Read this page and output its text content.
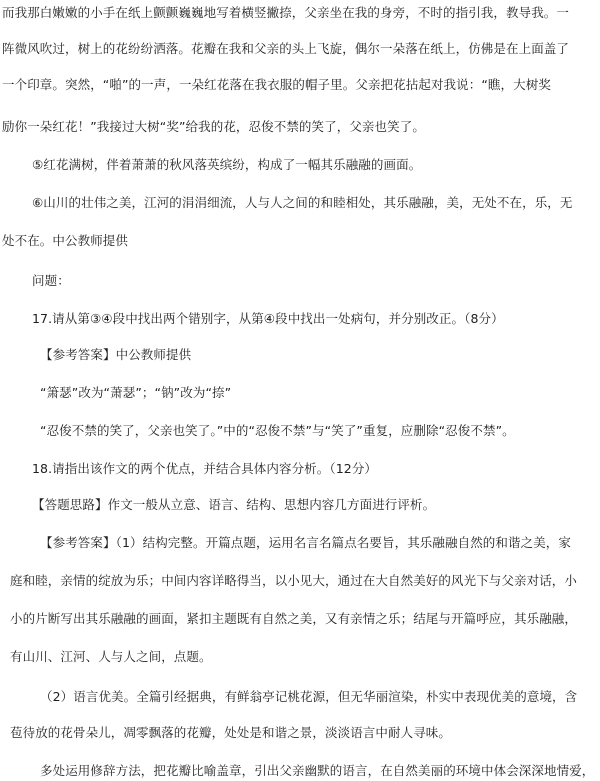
而我那白嫩嫩的小手在纸上颤颤巍巍地写着横竖撇捺，父亲坐在我的身旁，不时的指引我，教导我。一
阵微风吹过，树上的花纷纷洒落。花瓣在我和父亲的头上飞旋，偶尔一朵落在纸上，仿佛是在上面盖了
一个印章。突然，“啪”的一声，一朵红花落在我衣服的帽子里。父亲把花拈起对我说：“瞧，大树奖
励你一朵红花！”我接过大树“奖”给我的花，忍俊不禁的笑了，父亲也笑了。
⑤红花满树，伴着萧萧的秋风落英缤纷，构成了一幅其乐融融的画面。
⑥山川的壮伟之美，江河的涓涓细流，人与人之间的和睦相处，其乐融融，美，无处不在，乐，无
处不在。中公教师提供
问题：
17.请从第③④段中找出两个错别字，从第④段中找出一处病句，并分别改正。（8分）
【参考答案】中公教师提供
“箫瑟”改为“萧瑟”；“钠”改为“捺”
“忍俊不禁的笑了，父亲也笑了。”中的“忍俊不禁”与“笑了”重复，应删除“忍俊不禁”。
18.请指出该作文的两个优点，并结合具体内容分析。（12分）
【答题思路】作文一般从立意、语言、结构、思想内容几方面进行评析。
【参考答案】（1）结构完整。开篇点题，运用名言名篇点名要旨，其乐融融自然的和谐之美，家
庭和睦，亲情的绽放为乐；中间内容详略得当，以小见大，通过在大自然美好的风光下与父亲对话，小
小的片断写出其乐融融的画面，紧扣主题既有自然之美，又有亲情之乐；结尾与开篇呼应，其乐融融，
有山川、江河、人与人之间，点题。
（2）语言优美。全篇引经据典，有鲜翁亭记桃花源，但无华丽渲染，朴实中表现优美的意境，含
苞待放的花骨朵儿，凋零飘落的花瓣，处处是和谐之景，淡淡语言中耐人寻味。
多处运用修辞方法，把花瓣比喻盖章，引出父亲幽默的语言，在自然美丽的环境中体会深深地情爱，
